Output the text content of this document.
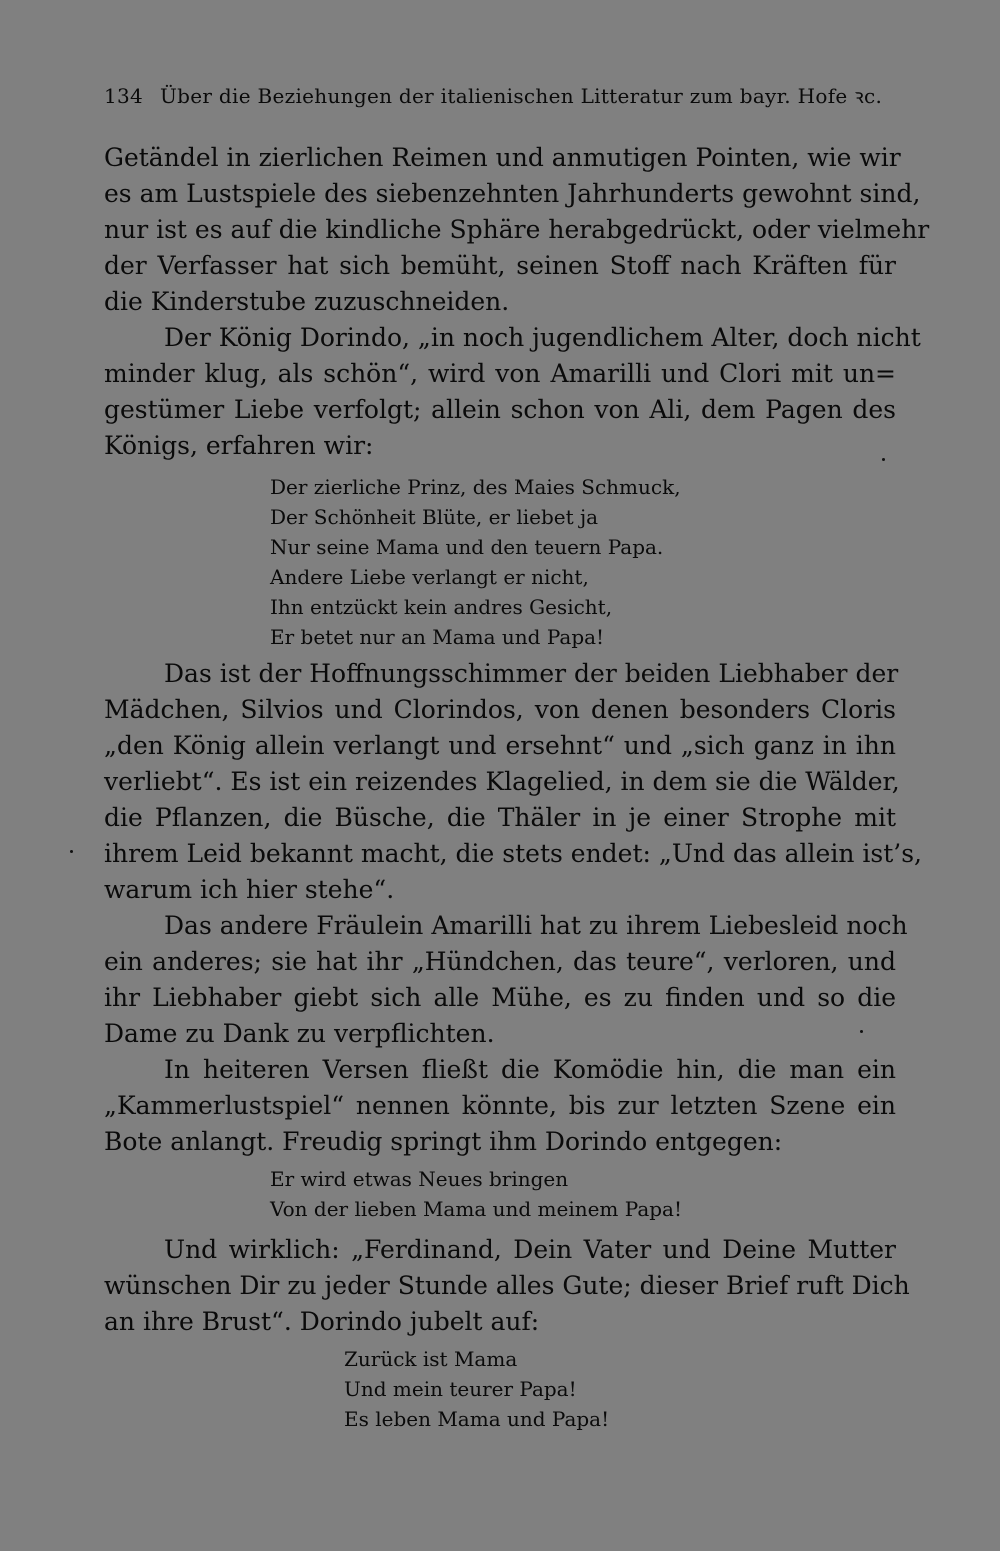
134 Über die Beziehungen der italienischen Litteratur zum bayr. Hofe ꝛc.
Getändel in zierlichen Reimen und anmutigen Pointen, wie wir
es am Lustspiele des siebenzehnten Jahrhunderts gewohnt sind,
nur ist es auf die kindliche Sphäre herabgedrückt, oder vielmehr
der Verfasser hat sich bemüht, seinen Stoff nach Kräften für
die Kinderstube zuzuschneiden.
Der König Dorindo, „in noch jugendlichem Alter, doch nicht
minder klug, als schön“, wird von Amarilli und Clori mit un=
gestümer Liebe verfolgt; allein schon von Ali, dem Pagen des
Königs, erfahren wir:
Der zierliche Prinz, des Maies Schmuck,
Der Schönheit Blüte, er liebet ja
Nur seine Mama und den teuern Papa.
Andere Liebe verlangt er nicht,
Ihn entzückt kein andres Gesicht,
Er betet nur an Mama und Papa!
Das ist der Hoffnungsschimmer der beiden Liebhaber der
Mädchen, Silvios und Clorindos, von denen besonders Cloris
„den König allein verlangt und ersehnt“ und „sich ganz in ihn
verliebt“. Es ist ein reizendes Klagelied, in dem sie die Wälder,
die Pflanzen, die Büsche, die Thäler in je einer Strophe mit
ihrem Leid bekannt macht, die stets endet: „Und das allein ist’s,
warum ich hier stehe“.
Das andere Fräulein Amarilli hat zu ihrem Liebesleid noch
ein anderes; sie hat ihr „Hündchen, das teure“, verloren, und
ihr Liebhaber giebt sich alle Mühe, es zu finden und so die
Dame zu Dank zu verpflichten.
In heiteren Versen fließt die Komödie hin, die man ein
„Kammerlustspiel“ nennen könnte, bis zur letzten Szene ein
Bote anlangt. Freudig springt ihm Dorindo entgegen:
Er wird etwas Neues bringen
Von der lieben Mama und meinem Papa!
Und wirklich: „Ferdinand, Dein Vater und Deine Mutter
wünschen Dir zu jeder Stunde alles Gute; dieser Brief ruft Dich
an ihre Brust“. Dorindo jubelt auf:
Zurück ist Mama
Und mein teurer Papa!
Es leben Mama und Papa!
